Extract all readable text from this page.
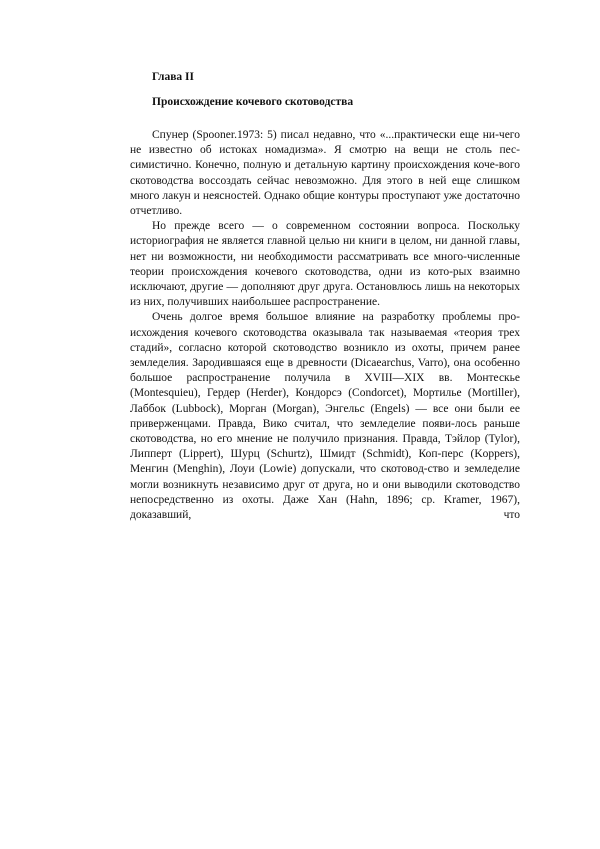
Глава II

Происхождение кочевого скотоводства

Спунер (Spooner.1973: 5) писал недавно, что «...практически еще ни-чего не известно об истоках номадизма». Я смотрю на вещи не столь пес-симистично. Конечно, полную и детальную картину происхождения коче-вого скотоводства воссоздать сейчас невозможно. Для этого в ней еще слишком много лакун и неясностей. Однако общие контуры проступают уже достаточно отчетливо.

Но прежде всего — о современном состоянии вопроса. Поскольку историография не является главной целью ни книги в целом, ни данной главы, нет ни возможности, ни необходимости рассматривать все много-численные теории происхождения кочевого скотоводства, одни из кото-рых взаимно исключают, другие — дополняют друг друга. Остановлюсь лишь на некоторых из них, получивших наибольшее распространение.

Очень долгое время большое влияние на разработку проблемы про-исхождения кочевого скотоводства оказывала так называемая «теория трех стадий», согласно которой скотоводство возникло из охоты, причем ранее земледелия. Зародившаяся еще в древности (Dicaearchus, Varro), она особенно большое распространение получила в XVIII—XIX вв. Монтескье (Montesquieu), Гердер (Herder), Кондорсэ (Condorcet), Мортилье (Mortiller), Лаббок (Lubbock), Морган (Morgan), Энгельс (Engels) — все они были ее приверженцами. Правда, Вико считал, что земледелие появи-лось раньше скотоводства, но его мнение не получило признания. Правда, Тэйлор (Tylor), Липперт (Lippert), Шурц (Schurtz), Шмидт (Schmidt), Коп-перс (Koppers), Менгин (Menghin), Лоуи (Lowie) допускали, что скотовод-ство и земледелие могли возникнуть независимо друг от друга, но и они выводили скотоводство непосредственно из охоты. Даже Хан (Hahn, 1896; ср. Kramer, 1967), доказавший, что
